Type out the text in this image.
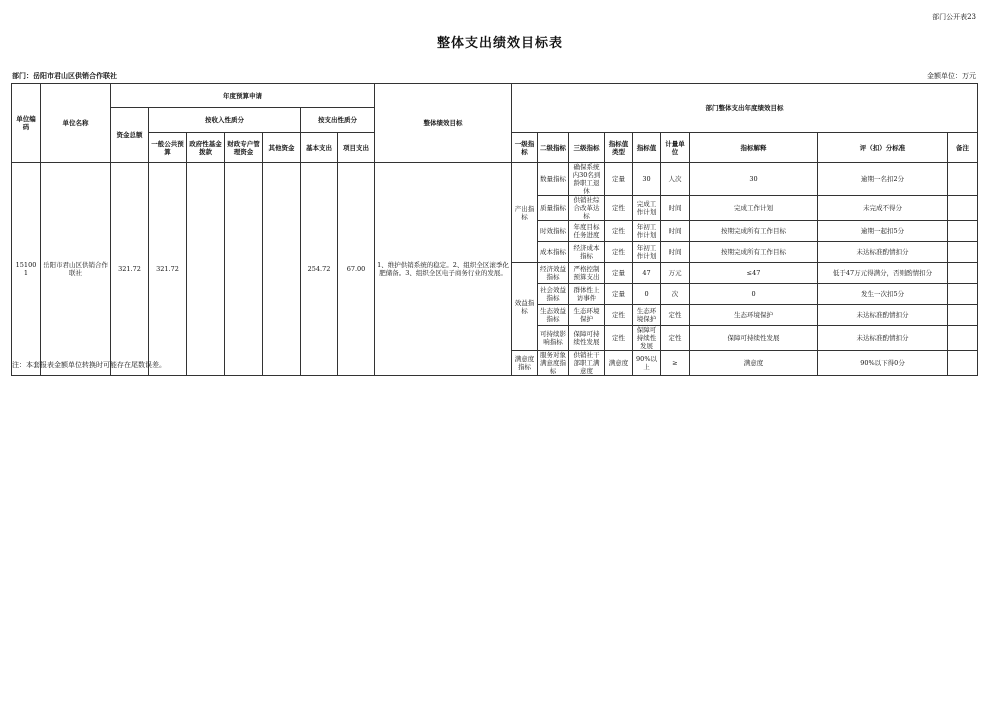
部门公开表23
整体支出绩效目标表
部门：岳阳市君山区供销合作联社	金额单位：万元
单位编码	单位名称	年度预算申请							整体绩效目标	部门整体支出年度绩效目标								
		资金总额	按收入性质分				按支出性质分											
			一般公共预算	政府性基金拨款	财政专户管理资金	其他资金	基本支出	项目支出		一级指标	二级指标	三级指标	指标值类型	指标值	计量单位	指标解释	评（扣）分标准	备注
151001	岳阳市君山区供销合作联社	321.72	321.72				254.72	67.00	1、维护供销系统的稳定。2、组织全区滚季化肥储备。3、组织全区电子商务行业的发展。	产出指标	数量指标	确保系统内30名到龄职工退休	定量	30	人次	30	逾期一名扣2分	
											质量指标	供销社综合改革达标	定性	完成工作计划	时间	完成工作计划	未完成不得分	
											时效指标	年度目标任务进度	定性	年初工作计划	时间	按期完成所有工作目标	逾期一起扣5分	
											成本指标	经济成本指标	定性	年初工作计划	时间	按期完成所有工作目标	未达标准酌情扣分	
										效益指标	经济效益指标	严格控制预算支出	定量	47	万元	≤47	低于47万元得满分，否则酌情扣分	
											社会效益指标	群体性上访事件	定量	0	次	0	发生一次扣5分	
											生态效益指标	生态环境保护	定性	生态环境保护	定性	生态环境保护	未达标准酌情扣分	
											可持续影响指标	保障可持续性发展	定性	保障可持续性发展	定性	保障可持续性发展	未达标准酌情扣分	
										满意度指标	服务对象满意度指标	供销社干部职工满意度	满意度	90%以上	≥	满意度	90%以下得0分	
注：本套报表金额单位转换时可能存在尾数误差。
